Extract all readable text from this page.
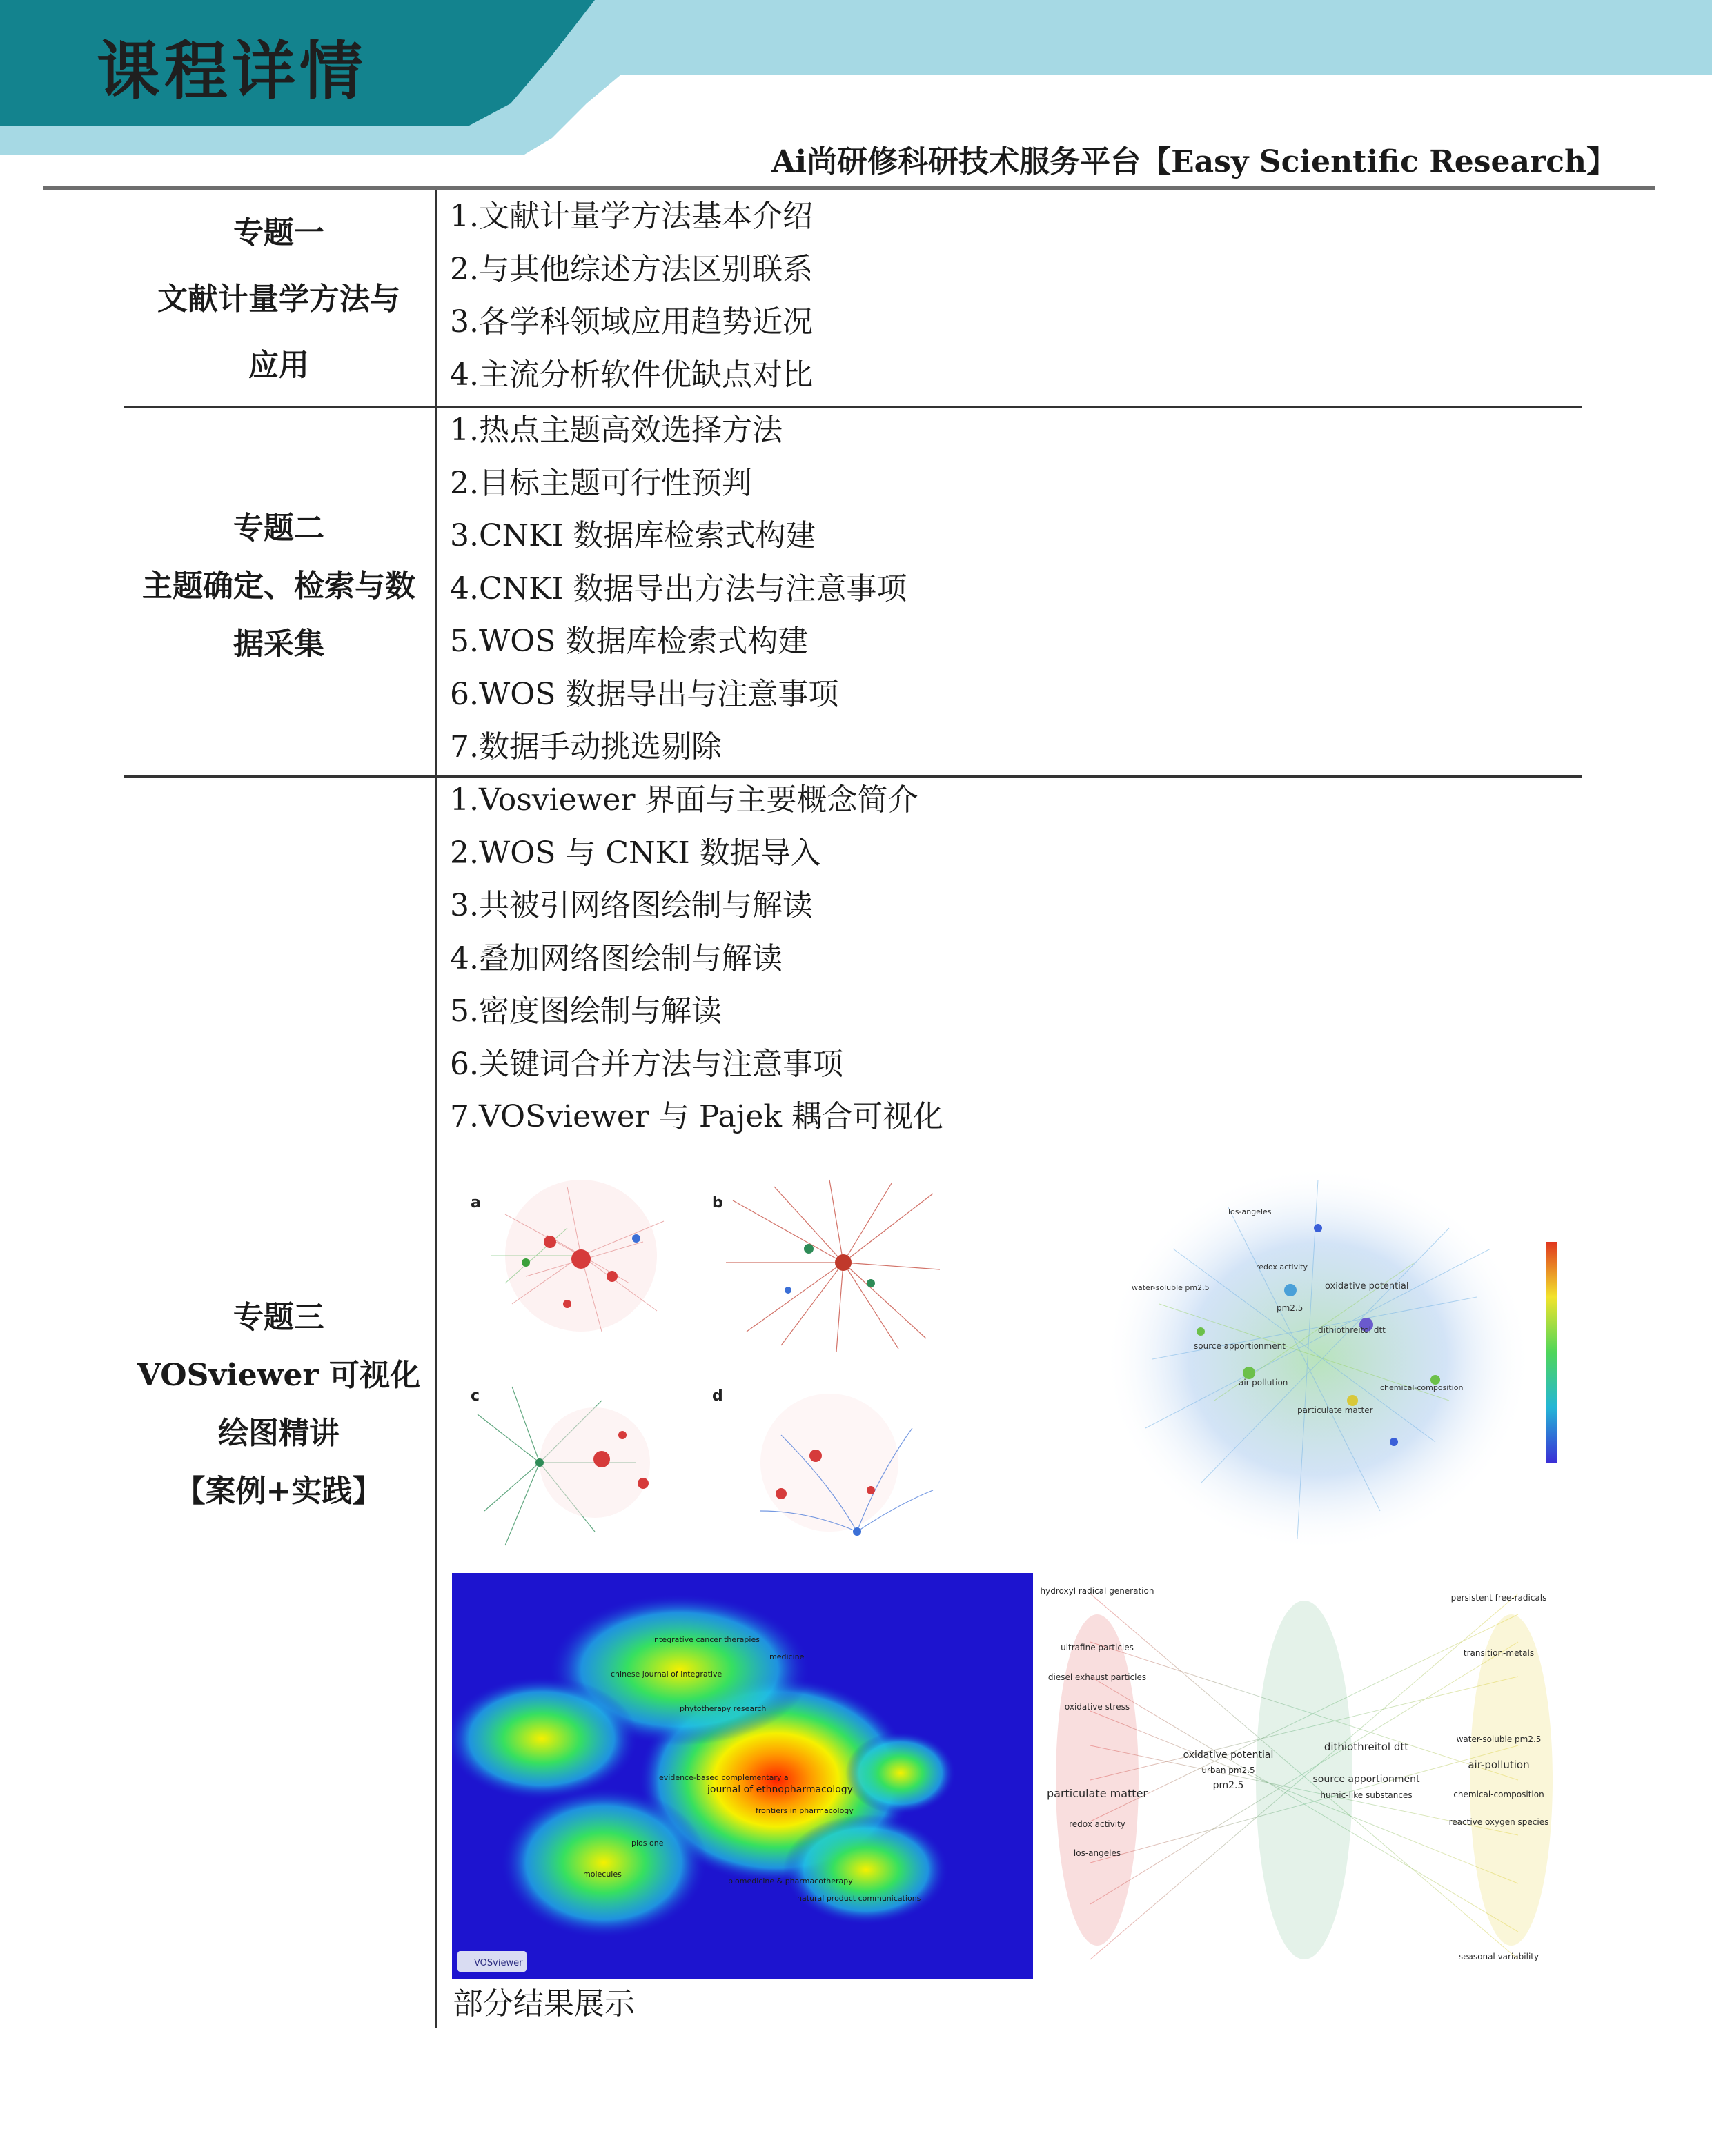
课程详情
Ai尚研修科研技术服务平台【Easy Scientific Research】
专题一
文献计量学方法与
应用
1.文献计量学方法基本介绍
2.与其他综述方法区别联系
3.各学科领域应用趋势近况
4.主流分析软件优缺点对比
专题二
主题确定、检索与数
据采集
1.热点主题高效选择方法
2.目标主题可行性预判
3.CNKI 数据库检索式构建
4.CNKI 数据导出方法与注意事项
5.WOS 数据库检索式构建
6.WOS 数据导出与注意事项
7.数据手动挑选剔除
专题三
VOSviewer 可视化
绘图精讲
【案例+实践】
1.Vosviewer 界面与主要概念简介
2.WOS 与 CNKI 数据导入
3.共被引网络图绘制与解读
4.叠加网络图绘制与解读
5.密度图绘制与解读
6.关键词合并方法与注意事项
7.VOSviewer 与 Pajek 耦合可视化
a	b
c	d
oxidative potential
pm2.5
dithiothreitol dtt
source apportionment
air-pollution
particulate matter
chemical-composition
los-angeles
water-soluble pm2.5
redox activity
integrative cancer therapies
medicine
chinese journal of integrative
evidence-based complementary a
journal of ethnopharmacology
frontiers in pharmacology
molecules
phytotherapy research
biomedicine & pharmacotherapy
natural product communications
plos one
VOSviewer
hydroxyl radical generation
ultrafine particles
diesel exhaust particles
oxidative stress
particulate matter
redox activity
los-angeles
oxidative potential
urban pm2.5
pm2.5
dithiothreitol dtt
source apportionment
humic-like substances
persistent free-radicals
transition-metals
water-soluble pm2.5
air-pollution
chemical-composition
reactive oxygen species
seasonal variability
部分结果展示
